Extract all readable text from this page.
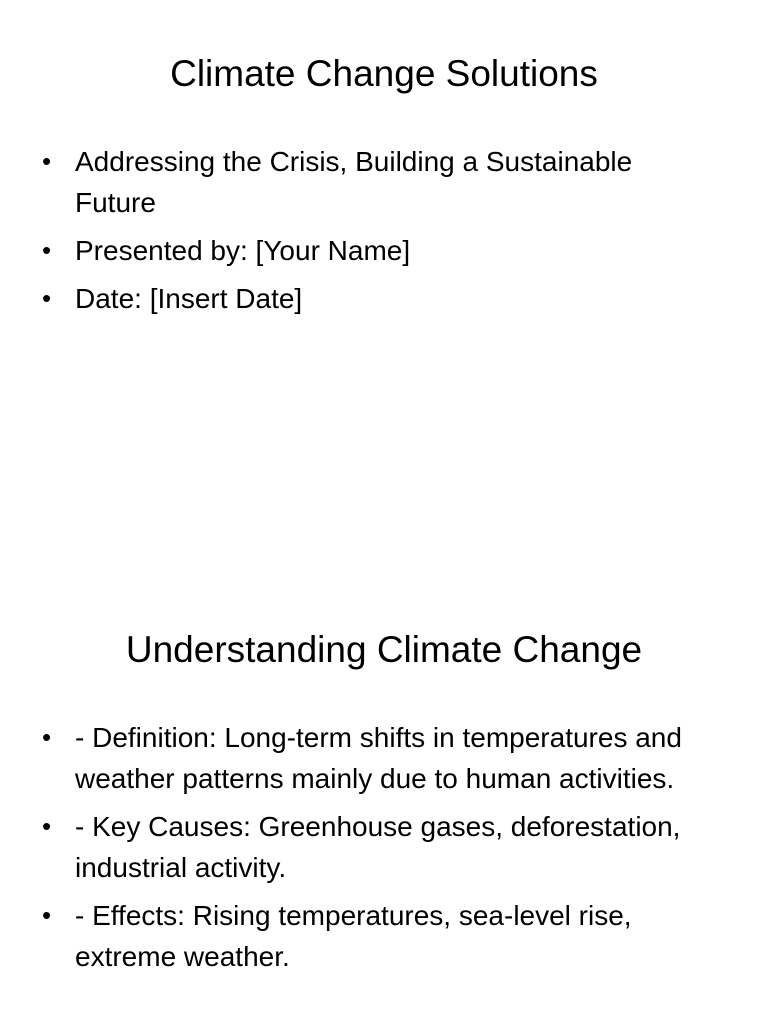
Climate Change Solutions
• Addressing the Crisis, Building a Sustainable Future
• Presented by: [Your Name]
• Date: [Insert Date]
Understanding Climate Change
• - Definition: Long-term shifts in temperatures and weather patterns mainly due to human activities.
• - Key Causes: Greenhouse gases, deforestation, industrial activity.
• - Effects: Rising temperatures, sea-level rise, extreme weather.
